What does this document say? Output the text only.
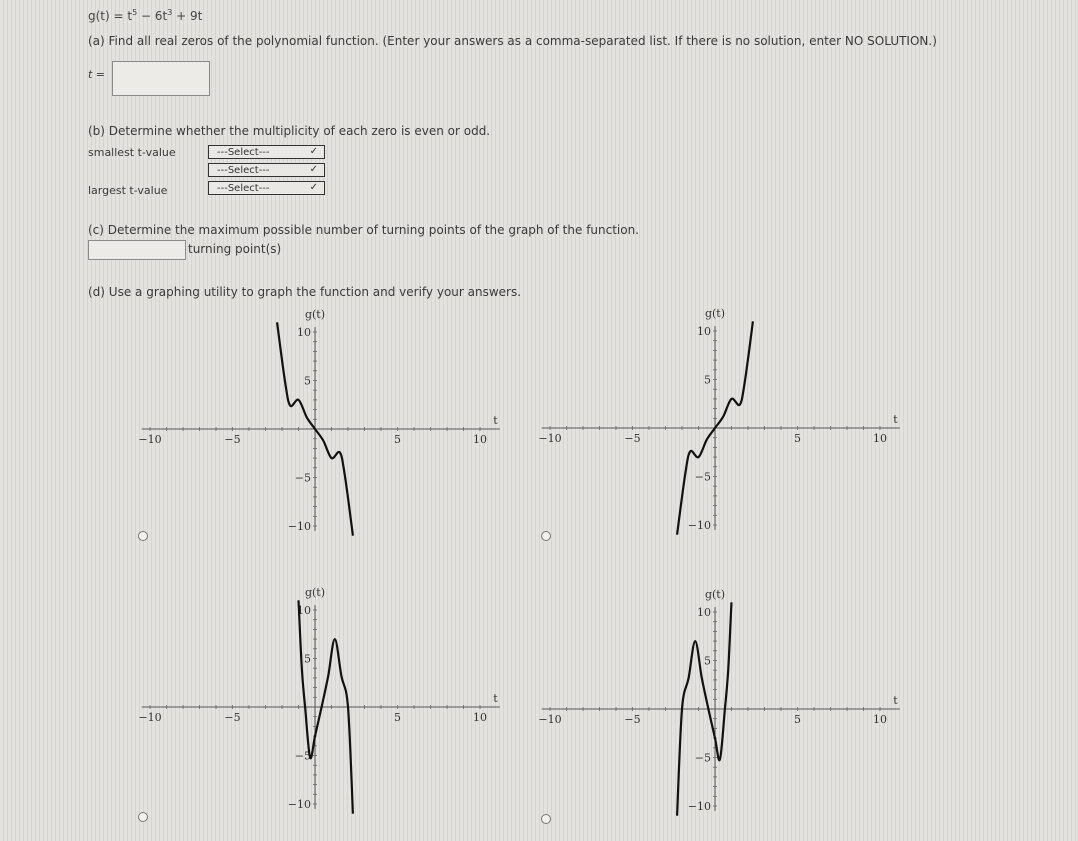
$g(t) = t^5 - 6t^3 + 9t$
(a) Find all real zeros of the polynomial function. (Enter your answers as a comma-separated list. If there is no solution, enter NO SOLUTION.)
t =
(b) Determine whether the multiplicity of each zero is even or odd.
smallest t-value	---Select---	✓
---Select---	✓
largest t-value	---Select---	✓
(c) Determine the maximum possible number of turning points of the graph of the function.
turning point(s)
(d) Use a graphing utility to graph the function and verify your answers.
−10	−5	5	10
10
5
−5
−10
g(t)
t
−10	−5	5	10
10
5
−5
−10
g(t)
t
−10	−5	5	10
10
5
−5
−10
g(t)
t
−10	−5	5	10
10
5
−5
−10
g(t)
t
